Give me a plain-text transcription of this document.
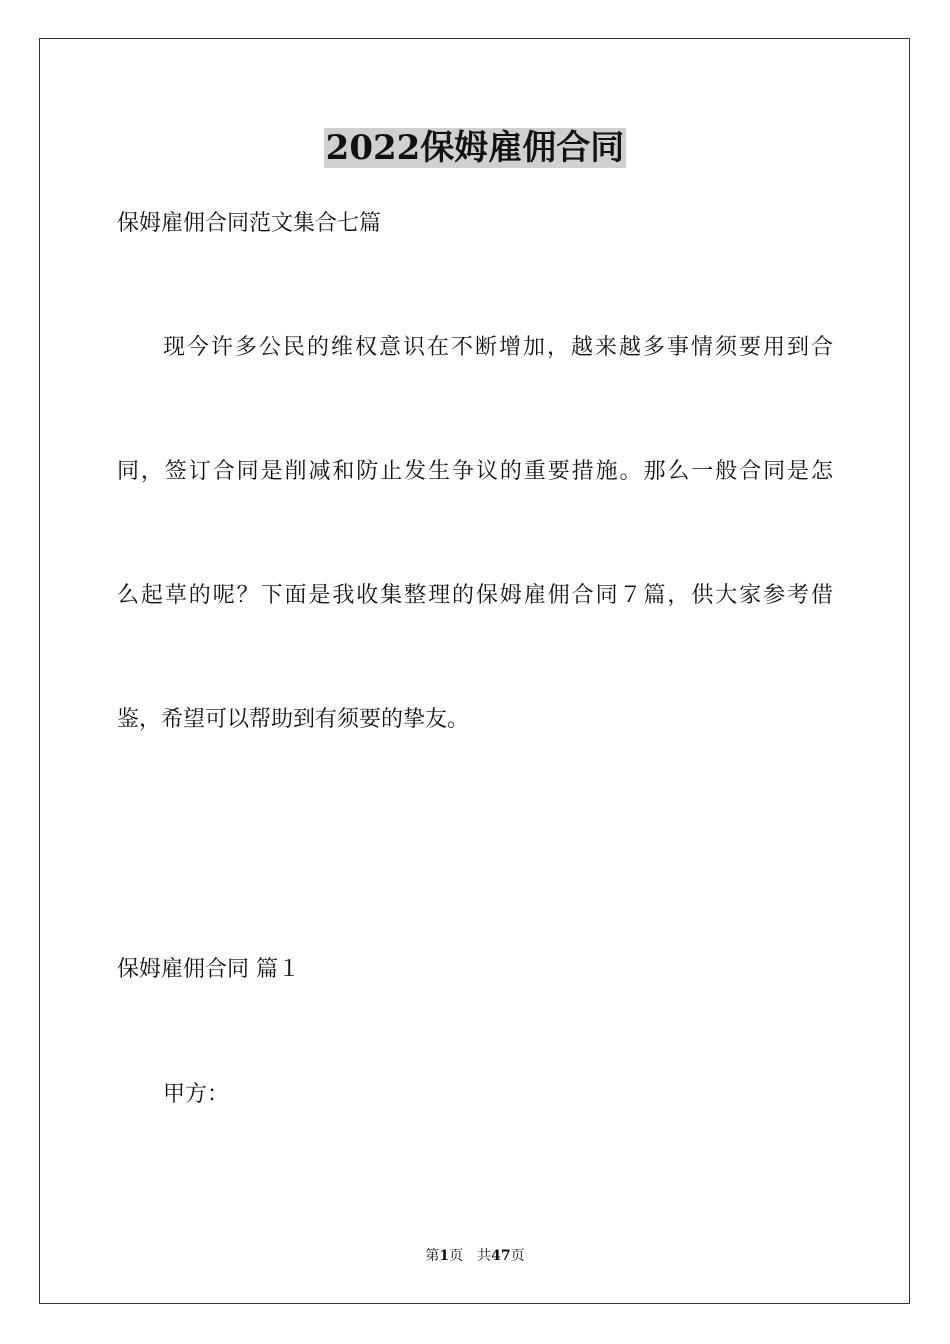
2022保姆雇佣合同

保姆雇佣合同范文集合七篇

现今许多公民的维权意识在不断增加，越来越多事情须要用到合

同，签订合同是削减和防止发生争议的重要措施。那么一般合同是怎

么起草的呢？下面是我收集整理的保姆雇佣合同７篇，供大家参考借

鉴，希望可以帮助到有须要的挚友。

保姆雇佣合同 篇１

甲方：

第1页 共47页
